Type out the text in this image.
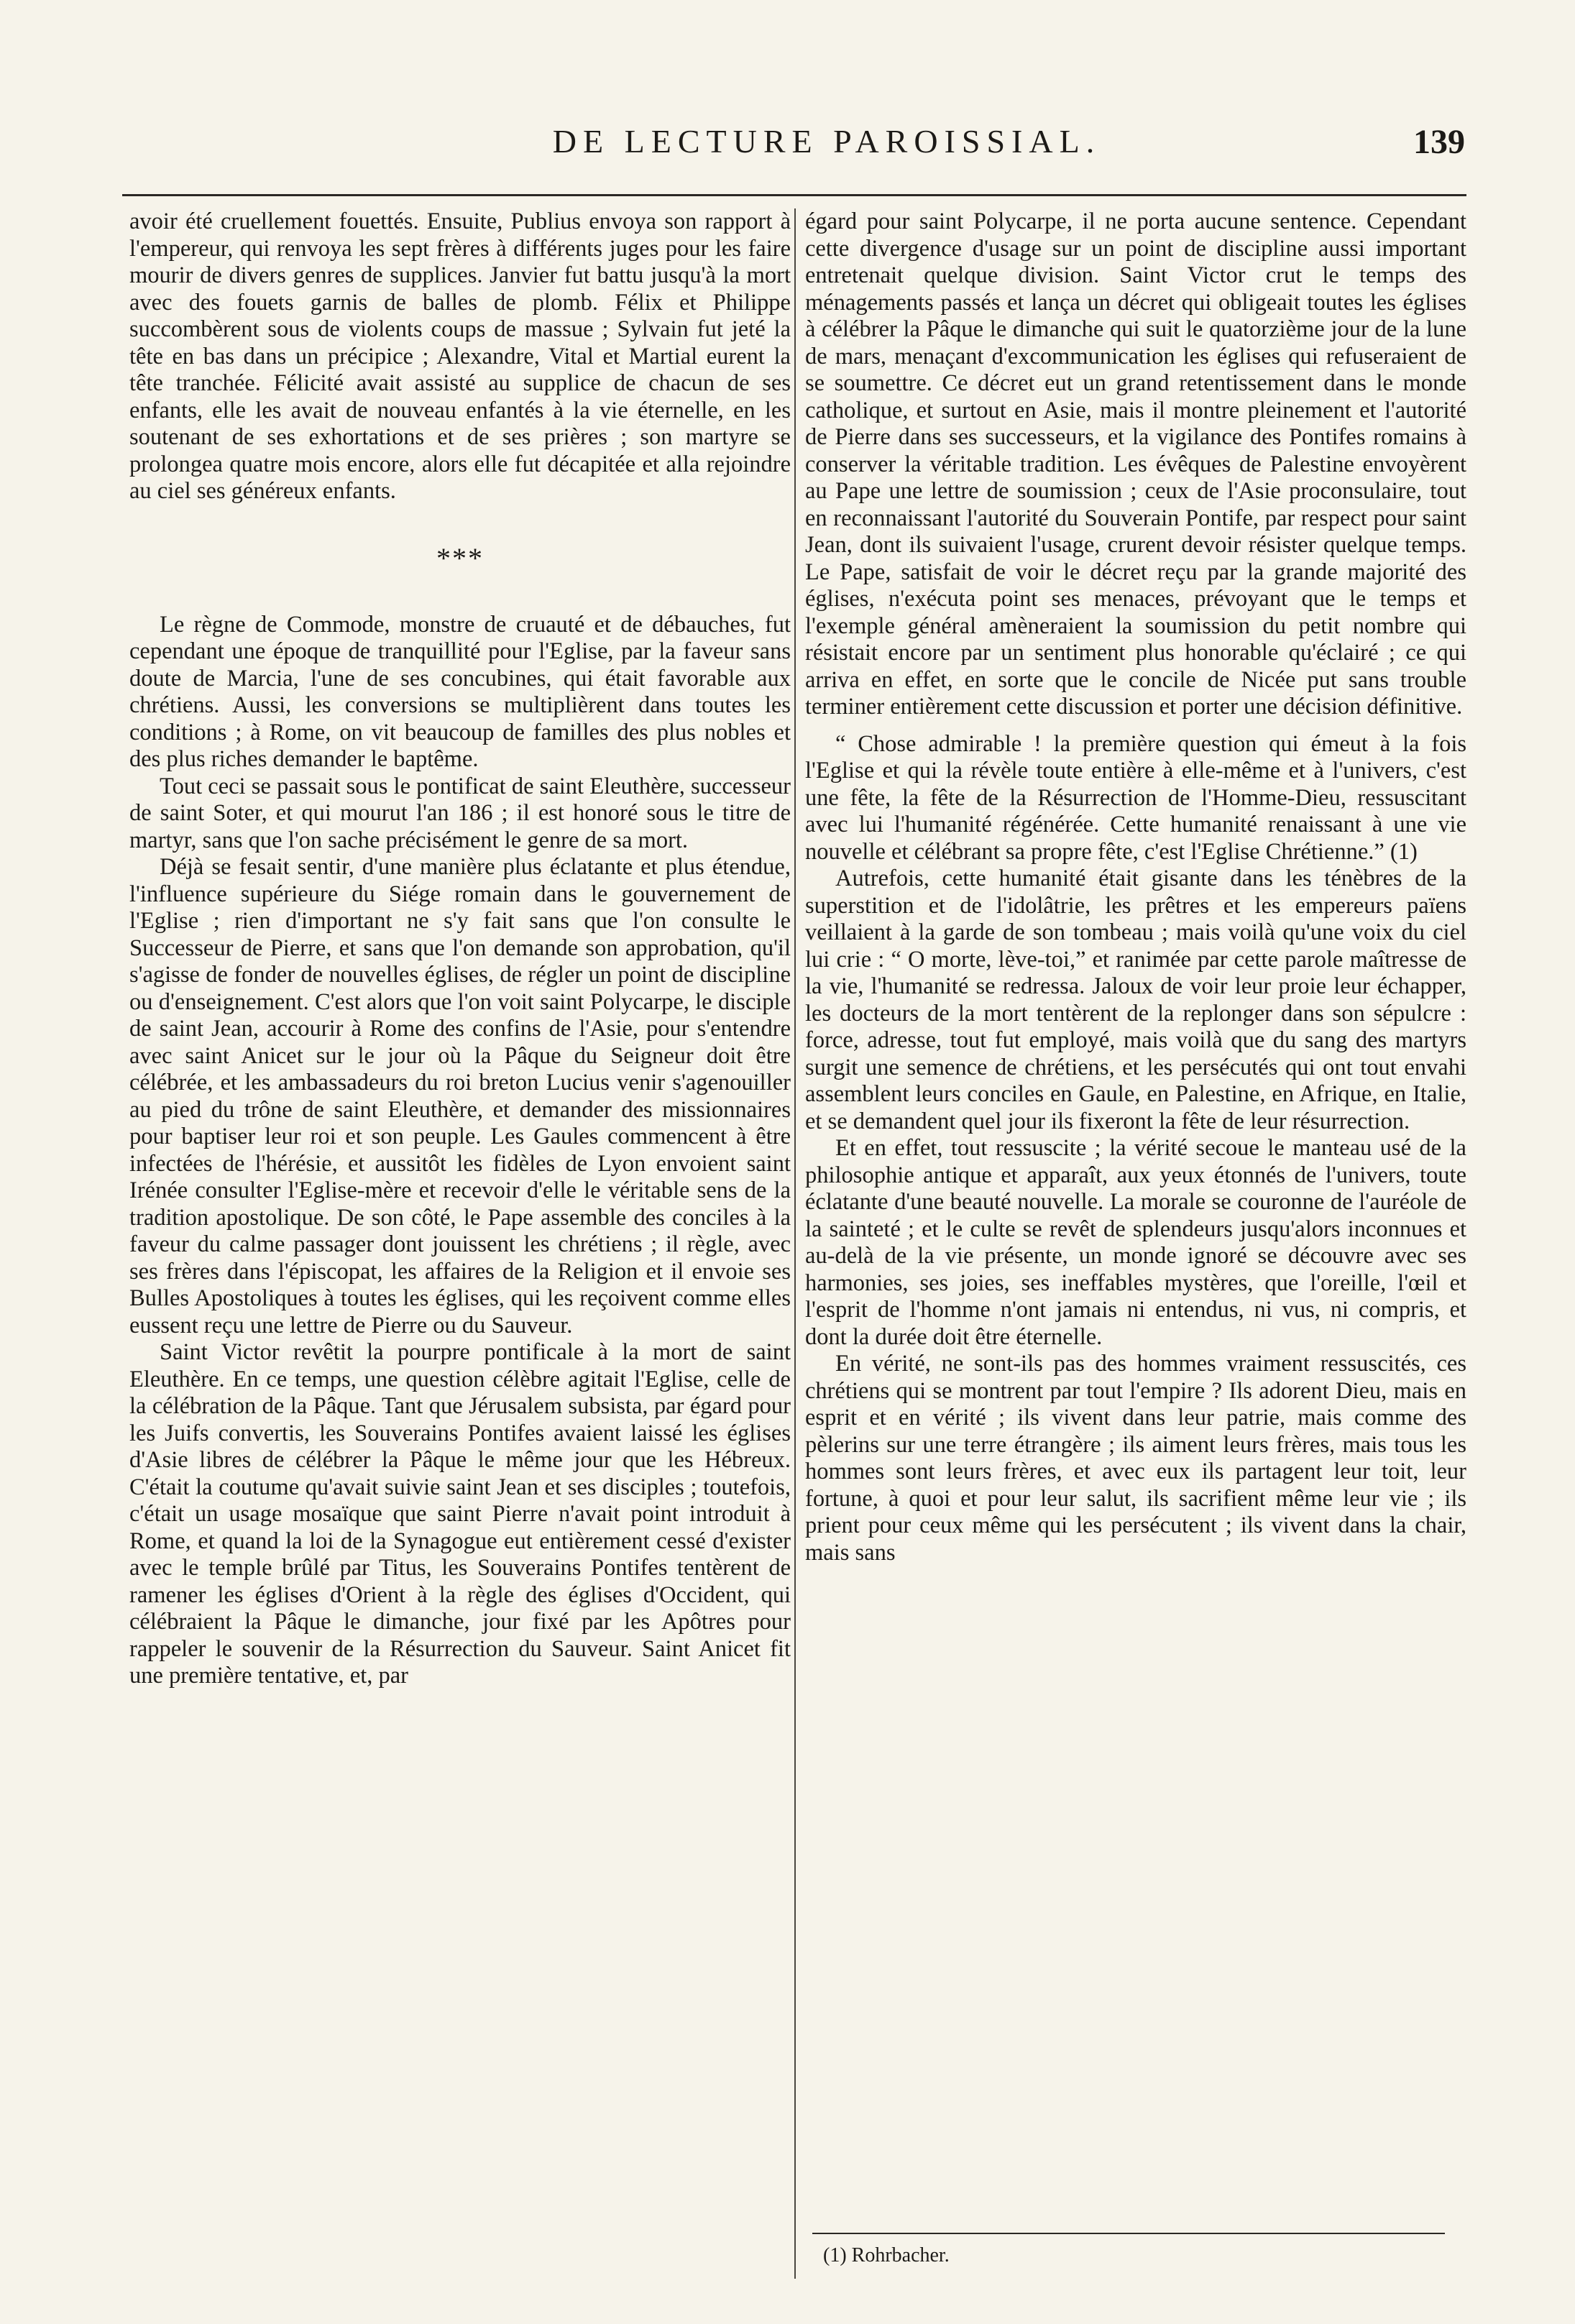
DE LECTURE PAROISSIAL.	139

avoir été cruellement fouettés. Ensuite, Publius envoya son rapport à l'empereur, qui renvoya les sept frères à différents juges pour les faire mourir de divers genres de supplices. Janvier fut battu jusqu'à la mort avec des fouets garnis de balles de plomb. Félix et Philippe succombèrent sous de violents coups de massue ; Sylvain fut jeté la tête en bas dans un précipice ; Alexandre, Vital et Martial eurent la tête tranchée. Félicité avait assisté au supplice de chacun de ses enfants, elle les avait de nouveau enfantés à la vie éternelle, en les soutenant de ses exhortations et de ses prières ; son martyre se prolongea quatre mois encore, alors elle fut décapitée et alla rejoindre au ciel ses généreux enfants.

***

Le règne de Commode, monstre de cruauté et de débauches, fut cependant une époque de tranquillité pour l'Eglise, par la faveur sans doute de Marcia, l'une de ses concubines, qui était favorable aux chrétiens. Aussi, les conversions se multiplièrent dans toutes les conditions ; à Rome, on vit beaucoup de familles des plus nobles et des plus riches demander le baptême.

Tout ceci se passait sous le pontificat de saint Eleuthère, successeur de saint Soter, et qui mourut l'an 186 ; il est honoré sous le titre de martyr, sans que l'on sache précisément le genre de sa mort.

Déjà se fesait sentir, d'une manière plus éclatante et plus étendue, l'influence supérieure du Siége romain dans le gouvernement de l'Eglise ; rien d'important ne s'y fait sans que l'on consulte le Successeur de Pierre, et sans que l'on demande son approbation, qu'il s'agisse de fonder de nouvelles églises, de régler un point de discipline ou d'enseignement. C'est alors que l'on voit saint Polycarpe, le disciple de saint Jean, accourir à Rome des confins de l'Asie, pour s'entendre avec saint Anicet sur le jour où la Pâque du Seigneur doit être célébrée, et les ambassadeurs du roi breton Lucius venir s'agenouiller au pied du trône de saint Eleuthère, et demander des missionnaires pour baptiser leur roi et son peuple. Les Gaules commencent à être infectées de l'hérésie, et aussitôt les fidèles de Lyon envoient saint Irénée consulter l'Eglise-mère et recevoir d'elle le véritable sens de la tradition apostolique. De son côté, le Pape assemble des conciles à la faveur du calme passager dont jouissent les chrétiens ; il règle, avec ses frères dans l'épiscopat, les affaires de la Religion et il envoie ses Bulles Apostoliques à toutes les églises, qui les reçoivent comme elles eussent reçu une lettre de Pierre ou du Sauveur.

Saint Victor revêtit la pourpre pontificale à la mort de saint Eleuthère. En ce temps, une question célèbre agitait l'Eglise, celle de la célébration de la Pâque. Tant que Jérusalem subsista, par égard pour les Juifs convertis, les Souverains Pontifes avaient laissé les églises d'Asie libres de célébrer la Pâque le même jour que les Hébreux. C'était la coutume qu'avait suivie saint Jean et ses disciples ; toutefois, c'était un usage mosaïque que saint Pierre n'avait point introduit à Rome, et quand la loi de la Synagogue eut entièrement cessé d'exister avec le temple brûlé par Titus, les Souverains Pontifes tentèrent de ramener les églises d'Orient à la règle des églises d'Occident, qui célébraient la Pâque le dimanche, jour fixé par les Apôtres pour rappeler le souvenir de la Résurrection du Sauveur. Saint Anicet fit une première tentative, et, par

égard pour saint Polycarpe, il ne porta aucune sentence. Cependant cette divergence d'usage sur un point de discipline aussi important entretenait quelque division. Saint Victor crut le temps des ménagements passés et lança un décret qui obligeait toutes les églises à célébrer la Pâque le dimanche qui suit le quatorzième jour de la lune de mars, menaçant d'excommunication les églises qui refuseraient de se soumettre. Ce décret eut un grand retentissement dans le monde catholique, et surtout en Asie, mais il montre pleinement et l'autorité de Pierre dans ses successeurs, et la vigilance des Pontifes romains à conserver la véritable tradition. Les évêques de Palestine envoyèrent au Pape une lettre de soumission ; ceux de l'Asie proconsulaire, tout en reconnaissant l'autorité du Souverain Pontife, par respect pour saint Jean, dont ils suivaient l'usage, crurent devoir résister quelque temps. Le Pape, satisfait de voir le décret reçu par la grande majorité des églises, n'exécuta point ses menaces, prévoyant que le temps et l'exemple général amèneraient la soumission du petit nombre qui résistait encore par un sentiment plus honorable qu'éclairé ; ce qui arriva en effet, en sorte que le concile de Nicée put sans trouble terminer entièrement cette discussion et porter une décision définitive.

“ Chose admirable ! la première question qui émeut à la fois l'Eglise et qui la révèle toute entière à elle-même et à l'univers, c'est une fête, la fête de la Résurrection de l'Homme-Dieu, ressuscitant avec lui l'humanité régénérée. Cette humanité renaissant à une vie nouvelle et célébrant sa propre fête, c'est l'Eglise Chrétienne.” (1)

Autrefois, cette humanité était gisante dans les ténèbres de la superstition et de l'idolâtrie, les prêtres et les empereurs païens veillaient à la garde de son tombeau ; mais voilà qu'une voix du ciel lui crie : “ O morte, lève-toi,” et ranimée par cette parole maîtresse de la vie, l'humanité se redressa. Jaloux de voir leur proie leur échapper, les docteurs de la mort tentèrent de la replonger dans son sépulcre : force, adresse, tout fut employé, mais voilà que du sang des martyrs surgit une semence de chrétiens, et les persécutés qui ont tout envahi assemblent leurs conciles en Gaule, en Palestine, en Afrique, en Italie, et se demandent quel jour ils fixeront la fête de leur résurrection.

Et en effet, tout ressuscite ; la vérité secoue le manteau usé de la philosophie antique et apparaît, aux yeux étonnés de l'univers, toute éclatante d'une beauté nouvelle. La morale se couronne de l'auréole de la sainteté ; et le culte se revêt de splendeurs jusqu'alors inconnues et au-delà de la vie présente, un monde ignoré se découvre avec ses harmonies, ses joies, ses ineffables mystères, que l'oreille, l'œil et l'esprit de l'homme n'ont jamais ni entendus, ni vus, ni compris, et dont la durée doit être éternelle.

En vérité, ne sont-ils pas des hommes vraiment ressuscités, ces chrétiens qui se montrent par tout l'empire ? Ils adorent Dieu, mais en esprit et en vérité ; ils vivent dans leur patrie, mais comme des pèlerins sur une terre étrangère ; ils aiment leurs frères, mais tous les hommes sont leurs frères, et avec eux ils partagent leur toit, leur fortune, à quoi et pour leur salut, ils sacrifient même leur vie ; ils prient pour ceux même qui les persécutent ; ils vivent dans la chair, mais sans

(1) Rohrbacher.
